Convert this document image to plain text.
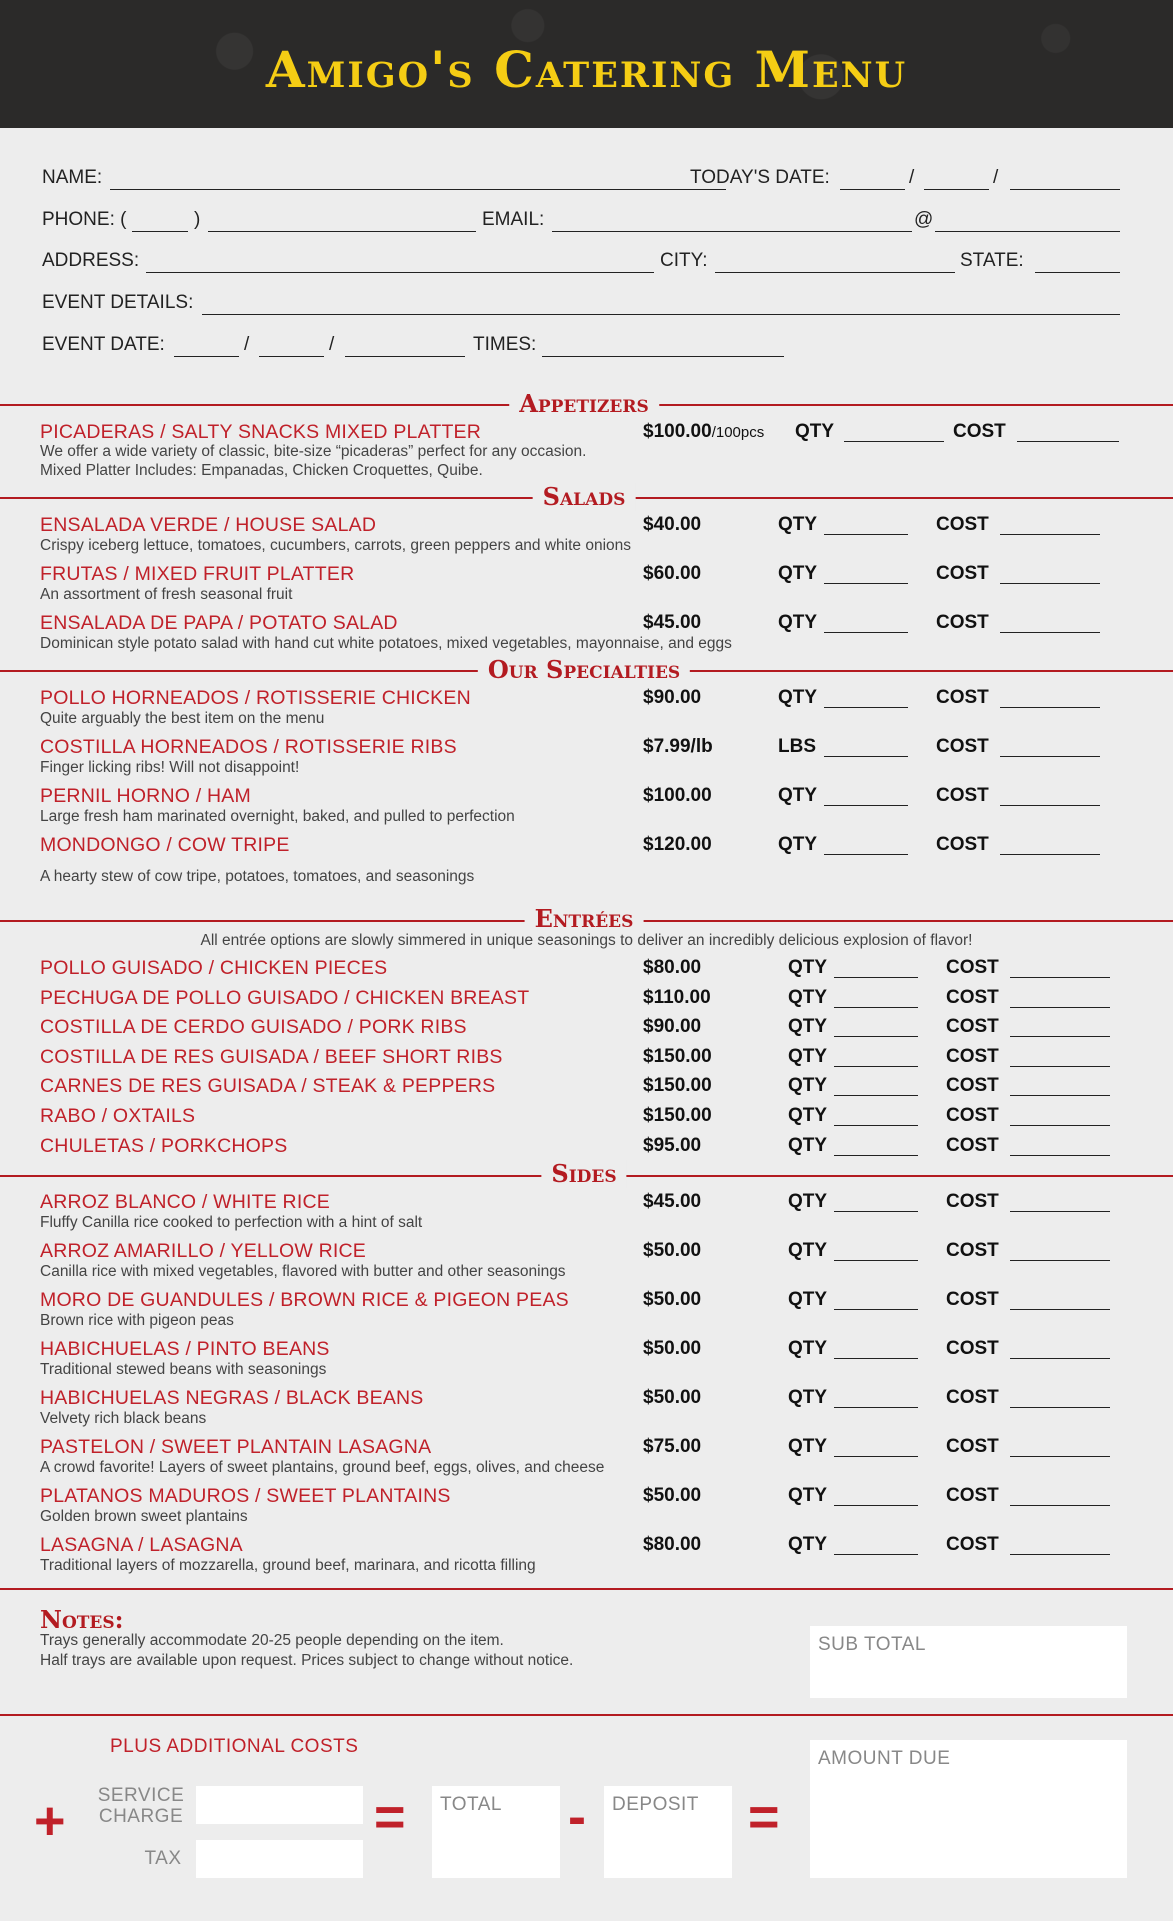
Amigo's Catering Menu
NAME:	TODAY'S DATE:	/	/
PHONE: (	)	EMAIL:	@
ADDRESS:	CITY:	STATE:
EVENT DETAILS:
EVENT DATE:	/	/	TIMES:
Appetizers
PICADERAS / SALTY SNACKS MIXED PLATTER
We offer a wide variety of classic, bite-size “picaderas” perfect for any occasion.
Mixed Platter Includes: Empanadas, Chicken Croquettes, Quibe.
$100.00/100pcs QTY	COST
Salads
ENSALADA VERDE / HOUSE SALAD
Crispy iceberg lettuce, tomatoes, cucumbers, carrots, green peppers and white onions
$40.00	QTY	COST
FRUTAS / MIXED FRUIT PLATTER
An assortment of fresh seasonal fruit
$60.00	QTY	COST
ENSALADA DE PAPA / POTATO SALAD
Dominican style potato salad with hand cut white potatoes, mixed vegetables, mayonnaise, and eggs
$45.00	QTY	COST
Our Specialties
POLLO HORNEADOS / ROTISSERIE CHICKEN
Quite arguably the best item on the menu
$90.00	QTY	COST
COSTILLA HORNEADOS / ROTISSERIE RIBS
Finger licking ribs! Will not disappoint!
$7.99/lb	LBS	COST
PERNIL HORNO / HAM
Large fresh ham marinated overnight, baked, and pulled to perfection
$100.00	QTY	COST
MONDONGO / COW TRIPE
A hearty stew of cow tripe, potatoes, tomatoes, and seasonings
$120.00	QTY	COST
Entrées
All entrée options are slowly simmered in unique seasonings to deliver an incredibly delicious explosion of flavor!
POLLO GUISADO / CHICKEN PIECES	$80.00	QTY	COST
PECHUGA DE POLLO GUISADO / CHICKEN BREAST	$110.00	QTY	COST
COSTILLA DE CERDO GUISADO / PORK RIBS	$90.00	QTY	COST
COSTILLA DE RES GUISADA / BEEF SHORT RIBS	$150.00	QTY	COST
CARNES DE RES GUISADA / STEAK & PEPPERS	$150.00	QTY	COST
RABO / OXTAILS	$150.00	QTY	COST
CHULETAS / PORKCHOPS	$95.00	QTY	COST
Sides
ARROZ BLANCO / WHITE RICE
Fluffy Canilla rice cooked to perfection with a hint of salt
$45.00	QTY	COST
ARROZ AMARILLO / YELLOW RICE
Canilla rice with mixed vegetables, flavored with butter and other seasonings
$50.00	QTY	COST
MORO DE GUANDULES / BROWN RICE & PIGEON PEAS
Brown rice with pigeon peas
$50.00	QTY	COST
HABICHUELAS / PINTO BEANS
Traditional stewed beans with seasonings
$50.00	QTY	COST
HABICHUELAS NEGRAS / BLACK BEANS
Velvety rich black beans
$50.00	QTY	COST
PASTELON / SWEET PLANTAIN LASAGNA
A crowd favorite! Layers of sweet plantains, ground beef, eggs, olives, and cheese
$75.00	QTY	COST
PLATANOS MADUROS / SWEET PLANTAINS
Golden brown sweet plantains
$50.00	QTY	COST
LASAGNA / LASAGNA
Traditional layers of mozzarella, ground beef, marinara, and ricotta filling
$80.00	QTY	COST
Notes:
Trays generally accommodate 20-25 people depending on the item.
Half trays are available upon request. Prices subject to change without notice.
SUB TOTAL
PLUS ADDITIONAL COSTS
+ SERVICE
CHARGE
TAX
= TOTAL - DEPOSIT =
AMOUNT DUE
